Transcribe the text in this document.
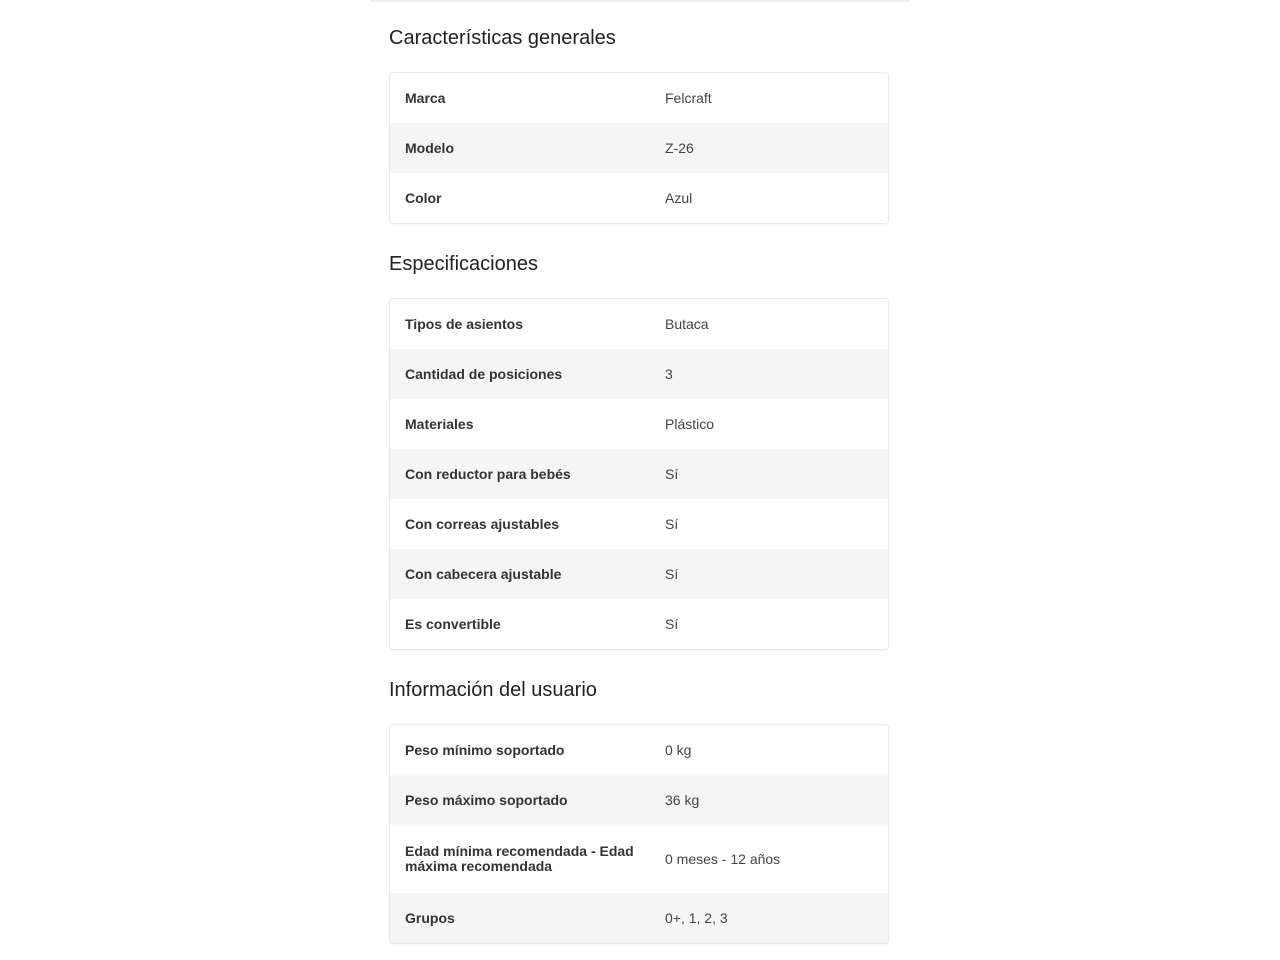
Características generales
Marca	Felcraft
Modelo	Z-26
Color	Azul
Especificaciones
Tipos de asientos	Butaca
Cantidad de posiciones	3
Materiales	Plástico
Con reductor para bebés	Sí
Con correas ajustables	Sí
Con cabecera ajustable	Sí
Es convertible	Sí
Información del usuario
Peso mínimo soportado	0 kg
Peso máximo soportado	36 kg
Edad mínima recomendada - Edad máxima recomendada	0 meses - 12 años
Grupos	0+, 1, 2, 3
